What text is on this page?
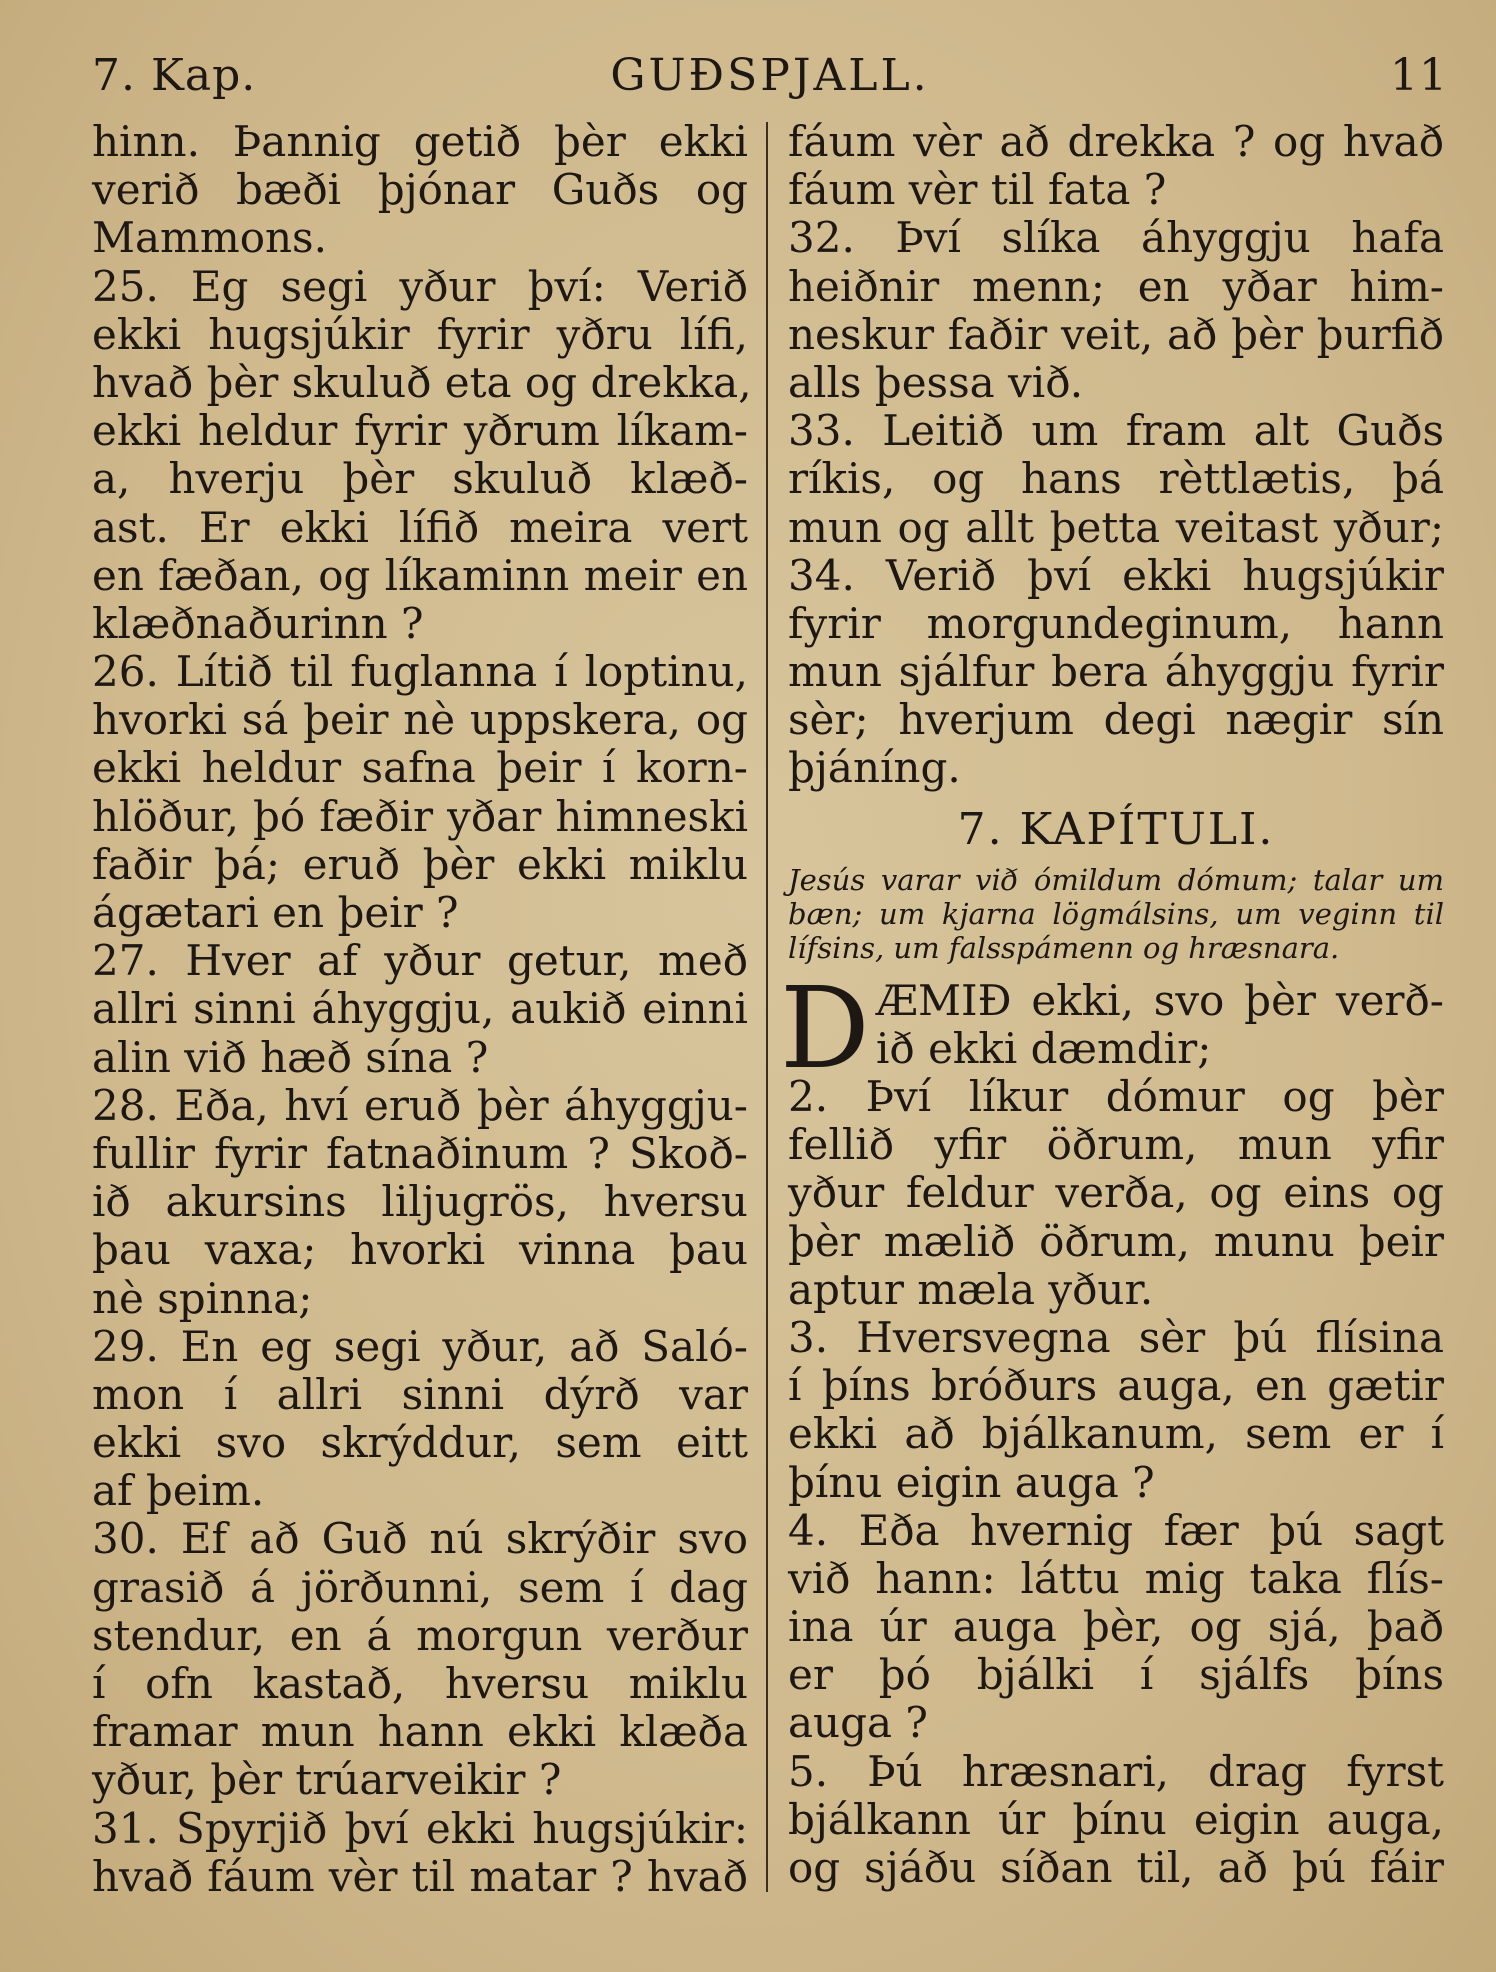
7. Kap.	GUÐSPJALL.	11
hinn. Þannig getið þèr ekki
verið bæði þjónar Guðs og
Mammons.
25. Eg segi yður því: Verið
ekki hugsjúkir fyrir yðru lífi,
hvað þèr skuluð eta og drekka,
ekki heldur fyrir yðrum líkam-
a, hverju þèr skuluð klæð-
ast. Er ekki lífið meira vert
en fæðan, og líkaminn meir en
klæðnaðurinn ?
26. Lítið til fuglanna í loptinu,
hvorki sá þeir nè uppskera, og
ekki heldur safna þeir í korn-
hlöður, þó fæðir yðar himneski
faðir þá; eruð þèr ekki miklu
ágætari en þeir ?
27. Hver af yður getur, með
allri sinni áhyggju, aukið einni
alin við hæð sína ?
28. Eða, hví eruð þèr áhyggju-
fullir fyrir fatnaðinum ? Skoð-
ið akursins liljugrös, hversu
þau vaxa; hvorki vinna þau
nè spinna;
29. En eg segi yður, að Saló-
mon í allri sinni dýrð var
ekki svo skrýddur, sem eitt
af þeim.
30. Ef að Guð nú skrýðir svo
grasið á jörðunni, sem í dag
stendur, en á morgun verður
í ofn kastað, hversu miklu
framar mun hann ekki klæða
yður, þèr trúarveikir ?
31. Spyrjið því ekki hugsjúkir:
hvað fáum vèr til matar ? hvað
fáum vèr að drekka ? og hvað
fáum vèr til fata ?
32. Því slíka áhyggju hafa
heiðnir menn; en yðar him-
neskur faðir veit, að þèr þurfið
alls þessa við.
33. Leitið um fram alt Guðs
ríkis, og hans rèttlætis, þá
mun og allt þetta veitast yður;
34. Verið því ekki hugsjúkir
fyrir morgundeginum, hann
mun sjálfur bera áhyggju fyrir
sèr; hverjum degi nægir sín
þjáníng.
7. KAPÍTULI.
Jesús varar við ómildum dómum; talar um
bæn; um kjarna lögmálsins, um veginn til
lífsins, um falsspámenn og hræsnara.
D ÆMIÐ ekki, svo þèr verð-
ið ekki dæmdir;
2. Því líkur dómur og þèr
fellið yfir öðrum, mun yfir
yður feldur verða, og eins og
þèr mælið öðrum, munu þeir
aptur mæla yður.
3. Hversvegna sèr þú flísina
í þíns bróðurs auga, en gætir
ekki að bjálkanum, sem er í
þínu eigin auga ?
4. Eða hvernig fær þú sagt
við hann: láttu mig taka flís-
ina úr auga þèr, og sjá, það
er þó bjálki í sjálfs þíns
auga ?
5. Þú hræsnari, drag fyrst
bjálkann úr þínu eigin auga,
og sjáðu síðan til, að þú fáir
